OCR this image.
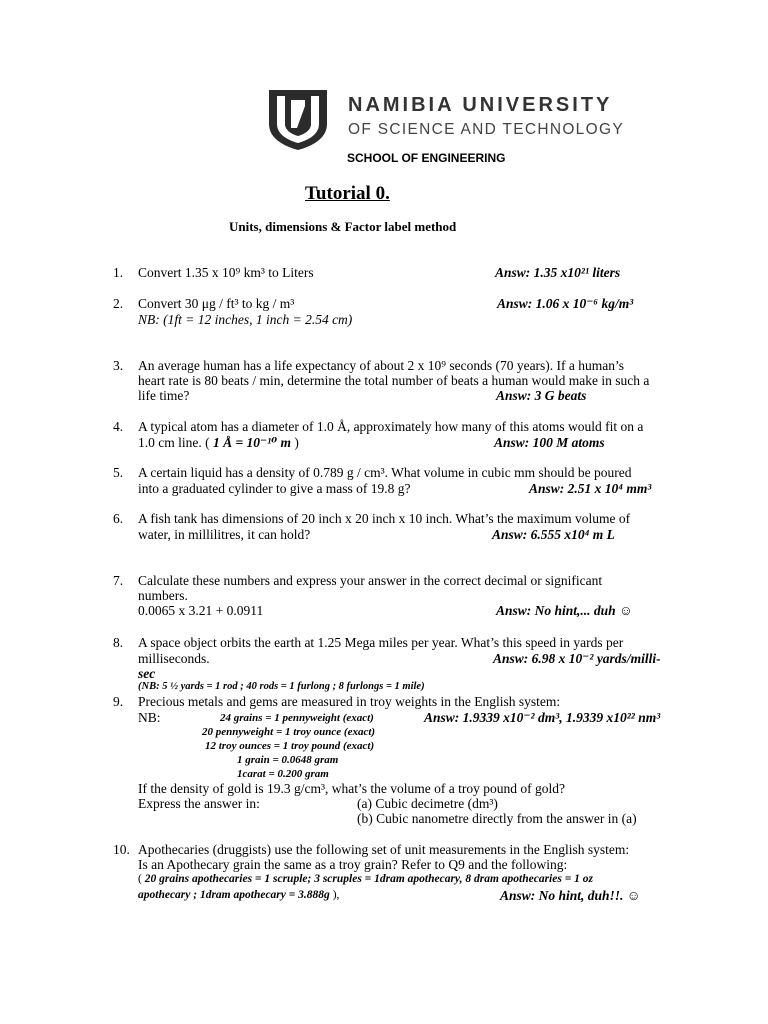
NAMIBIA UNIVERSITY
OF SCIENCE AND TECHNOLOGY
SCHOOL OF ENGINEERING
Tutorial 0.
Units, dimensions & Factor label method
1. Convert 1.35 x 10⁹ km³ to Liters	Answ: 1.35 x10²¹ liters
2. Convert 30 μg / ft³ to kg / m³	Answ: 1.06 x 10⁻⁶ kg/m³
NB: (1ft = 12 inches, 1 inch = 2.54 cm)
3. An average human has a life expectancy of about 2 x 10⁹ seconds (70 years). If a human’s
heart rate is 80 beats / min, determine the total number of beats a human would make in such a
life time?	Answ: 3 G beats
4. A typical atom has a diameter of 1.0 Å, approximately how many of this atoms would fit on a
1.0 cm line. ( 1 Å = 10⁻¹⁰ m )	Answ: 100 M atoms
5. A certain liquid has a density of 0.789 g / cm³. What volume in cubic mm should be poured
into a graduated cylinder to give a mass of 19.8 g?	Answ: 2.51 x 10⁴ mm³
6. A fish tank has dimensions of 20 inch x 20 inch x 10 inch. What’s the maximum volume of
water, in millilitres, it can hold?	Answ: 6.555 x10⁴ m L
7. Calculate these numbers and express your answer in the correct decimal or significant
numbers.
0.0065 x 3.21 + 0.0911	Answ: No hint,... duh ☺
8. A space object orbits the earth at 1.25 Mega miles per year. What’s this speed in yards per
milliseconds.	Answ: 6.98 x 10⁻² yards/milli-
sec
(NB: 5 ½ yards = 1 rod ; 40 rods = 1 furlong ; 8 furlongs = 1 mile)
9. Precious metals and gems are measured in troy weights in the English system:
NB:	24 grains = 1 pennyweight (exact)	Answ: 1.9339 x10⁻² dm³, 1.9339 x10²² nm³
20 pennyweight = 1 troy ounce (exact)
12 troy ounces = 1 troy pound (exact)
1 grain = 0.0648 gram
1carat = 0.200 gram
If the density of gold is 19.3 g/cm³, what’s the volume of a troy pound of gold?
Express the answer in:	(a) Cubic decimetre (dm³)
(b) Cubic nanometre directly from the answer in (a)
10. Apothecaries (druggists) use the following set of unit measurements in the English system:
Is an Apothecary grain the same as a troy grain? Refer to Q9 and the following:
( 20 grains apothecaries = 1 scruple; 3 scruples = 1dram apothecary, 8 dram apothecaries = 1 oz
apothecary ; 1dram apothecary = 3.888g ),	Answ: No hint, duh!!. ☺
